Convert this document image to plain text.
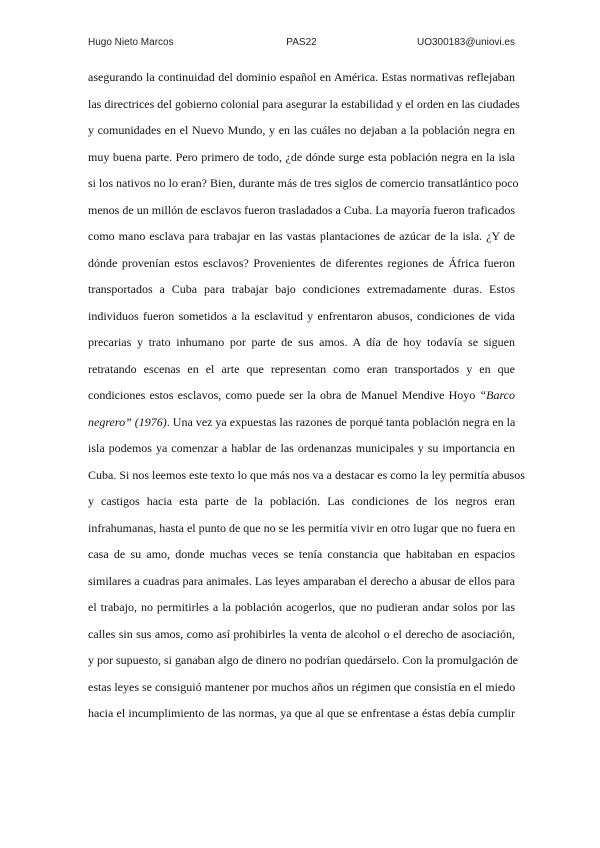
Hugo Nieto Marcos	PAS22	UO300183@uniovi.es
asegurando la continuidad del dominio español en América. Estas normativas reflejaban
las directrices del gobierno colonial para asegurar la estabilidad y el orden en las ciudades
y comunidades en el Nuevo Mundo, y en las cuáles no dejaban a la población negra en
muy buena parte. Pero primero de todo, ¿de dónde surge esta población negra en la isla
si los nativos no lo eran? Bien, durante más de tres siglos de comercio transatlántico poco
menos de un millón de esclavos fueron trasladados a Cuba. La mayoría fueron traficados
como mano esclava para trabajar en las vastas plantaciones de azúcar de la isla. ¿Y de
dónde provenían estos esclavos? Provenientes de diferentes regiones de África fueron
transportados a Cuba para trabajar bajo condiciones extremadamente duras. Estos
individuos fueron sometidos a la esclavitud y enfrentaron abusos, condiciones de vida
precarias y trato inhumano por parte de sus amos. A día de hoy todavía se siguen
retratando escenas en el arte que representan como eran transportados y en que
condiciones estos esclavos, como puede ser la obra de Manuel Mendive Hoyo “Barco
negrero” (1976). Una vez ya expuestas las razones de porqué tanta población negra en la
isla podemos ya comenzar a hablar de las ordenanzas municipales y su importancia en
Cuba. Si nos leemos este texto lo que más nos va a destacar es como la ley permitía abusos
y castigos hacia esta parte de la población. Las condiciones de los negros eran
infrahumanas, hasta el punto de que no se les permitía vivir en otro lugar que no fuera en
casa de su amo, donde muchas veces se tenía constancia que habitaban en espacios
similares a cuadras para animales. Las leyes amparaban el derecho a abusar de ellos para
el trabajo, no permitirles a la población acogerlos, que no pudieran andar solos por las
calles sin sus amos, como así prohibirles la venta de alcohol o el derecho de asociación,
y por supuesto, si ganaban algo de dinero no podrían quedárselo. Con la promulgación de
estas leyes se consiguió mantener por muchos años un régimen que consistía en el miedo
hacia el incumplimiento de las normas, ya que al que se enfrentase a éstas debía cumplir
